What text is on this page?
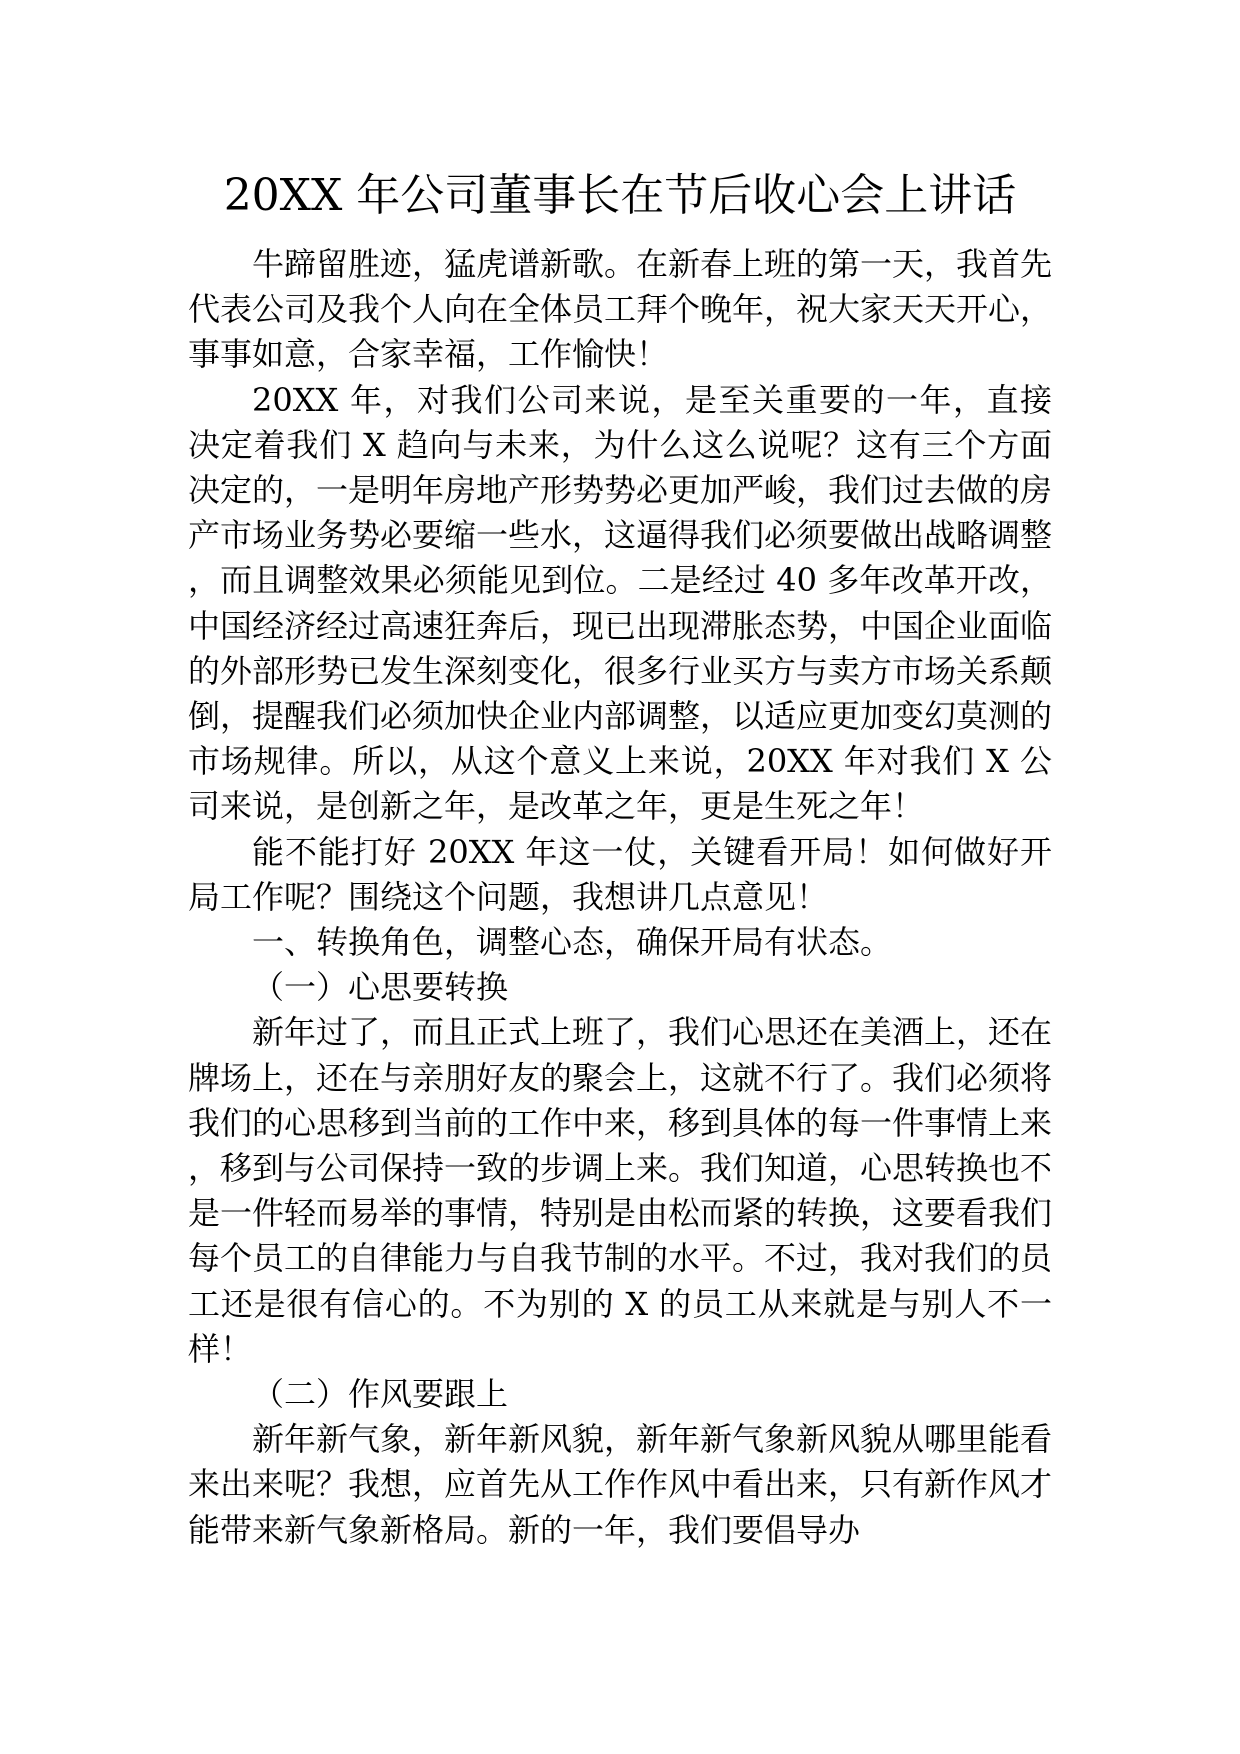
20XX 年公司董事长在节后收心会上讲话

牛蹄留胜迹，猛虎谱新歌。在新春上班的第一天，我首先代表公司及我个人向在全体员工拜个晚年，祝大家天天开心，事事如意，合家幸福，工作愉快！

20XX 年，对我们公司来说，是至关重要的一年，直接决定着我们 X 趋向与未来，为什么这么说呢？这有三个方面决定的，一是明年房地产形势势必更加严峻，我们过去做的房产市场业务势必要缩一些水，这逼得我们必须要做出战略调整，而且调整效果必须能见到位。二是经过 40 多年改革开改，中国经济经过高速狂奔后，现已出现滞胀态势，中国企业面临的外部形势已发生深刻变化，很多行业买方与卖方市场关系颠倒，提醒我们必须加快企业内部调整，以适应更加变幻莫测的市场规律。所以，从这个意义上来说，20XX 年对我们 X 公司来说，是创新之年，是改革之年，更是生死之年！

能不能打好 20XX 年这一仗，关键看开局！如何做好开局工作呢？围绕这个问题，我想讲几点意见！

一、转换角色，调整心态，确保开局有状态。

（一）心思要转换

新年过了，而且正式上班了，我们心思还在美酒上，还在牌场上，还在与亲朋好友的聚会上，这就不行了。我们必须将我们的心思移到当前的工作中来，移到具体的每一件事情上来，移到与公司保持一致的步调上来。我们知道，心思转换也不是一件轻而易举的事情，特别是由松而紧的转换，这要看我们每个员工的自律能力与自我节制的水平。不过，我对我们的员工还是很有信心的。不为别的 X 的员工从来就是与别人不一样！

（二）作风要跟上

新年新气象，新年新风貌，新年新气象新风貌从哪里能看来出来呢？我想，应首先从工作作风中看出来，只有新作风才能带来新气象新格局。新的一年，我们要倡导办
